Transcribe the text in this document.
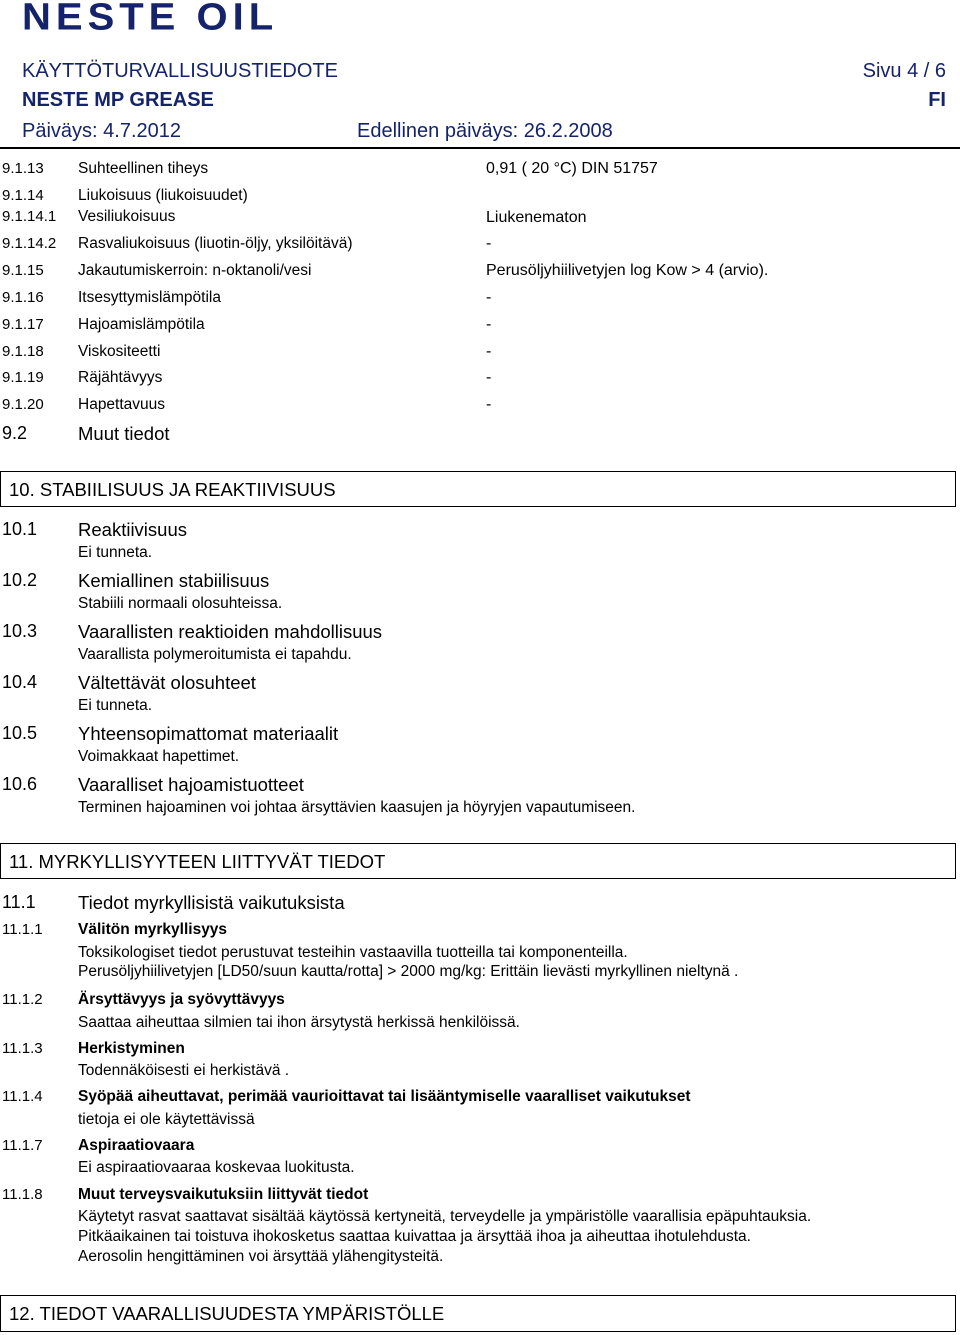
NESTE OIL
KÄYTTÖTURVALLISUUSTIEDOTE	Sivu 4 / 6
NESTE MP GREASE	FI
Päiväys: 4.7.2012	Edellinen päiväys: 26.2.2008
9.1.13 Suhteellinen tiheys	0,91 ( 20 °C) DIN 51757
9.1.14 Liukoisuus (liukoisuudet)
9.1.14.1 Vesiliukoisuus	Liukenematon
9.1.14.2 Rasvaliukoisuus (liuotin-öljy, yksilöitävä)	-
9.1.15 Jakautumiskerroin: n-oktanoli/vesi	Perusöljyhiilivetyjen log Kow > 4 (arvio).
9.1.16 Itsesyttymislämpötila	-
9.1.17 Hajoamislämpötila	-
9.1.18 Viskositeetti	-
9.1.19 Räjähtävyys	-
9.1.20 Hapettavuus	-
9.2	Muut tiedot
10. STABIILISUUS JA REAKTIIVISUUS
10.1 Reaktiivisuus
Ei tunneta.
10.2 Kemiallinen stabiilisuus
Stabiili normaali olosuhteissa.
10.3 Vaarallisten reaktioiden mahdollisuus
Vaarallista polymeroitumista ei tapahdu.
10.4 Vältettävät olosuhteet
Ei tunneta.
10.5 Yhteensopimattomat materiaalit
Voimakkaat hapettimet.
10.6 Vaaralliset hajoamistuotteet
Terminen hajoaminen voi johtaa ärsyttävien kaasujen ja höyryjen vapautumiseen.
11. MYRKYLLISYYTEEN LIITTYVÄT TIEDOT
11.1 Tiedot myrkyllisistä vaikutuksista
11.1.1 Välitön myrkyllisyys
Toksikologiset tiedot perustuvat testeihin vastaavilla tuotteilla tai komponenteilla.
Perusöljyhiilivetyjen [LD50/suun kautta/rotta] > 2000 mg/kg: Erittäin lievästi myrkyllinen nieltynä .
11.1.2 Ärsyttävyys ja syövyttävyys
Saattaa aiheuttaa silmien tai ihon ärsytystä herkissä henkilöissä.
11.1.3 Herkistyminen
Todennäköisesti ei herkistävä .
11.1.4 Syöpää aiheuttavat, perimää vaurioittavat tai lisääntymiselle vaaralliset vaikutukset
tietoja ei ole käytettävissä
11.1.7 Aspiraatiovaara
Ei aspiraatiovaaraa koskevaa luokitusta.
11.1.8 Muut terveysvaikutuksiin liittyvät tiedot
Käytetyt rasvat saattavat sisältää käytössä kertyneitä, terveydelle ja ympäristölle vaarallisia epäpuhtauksia.
Pitkäaikainen tai toistuva ihokosketus saattaa kuivattaa ja ärsyttää ihoa ja aiheuttaa ihotulehdusta.
Aerosolin hengittäminen voi ärsyttää ylähengitysteitä.
12. TIEDOT VAARALLISUUDESTA YMPÄRISTÖLLE
